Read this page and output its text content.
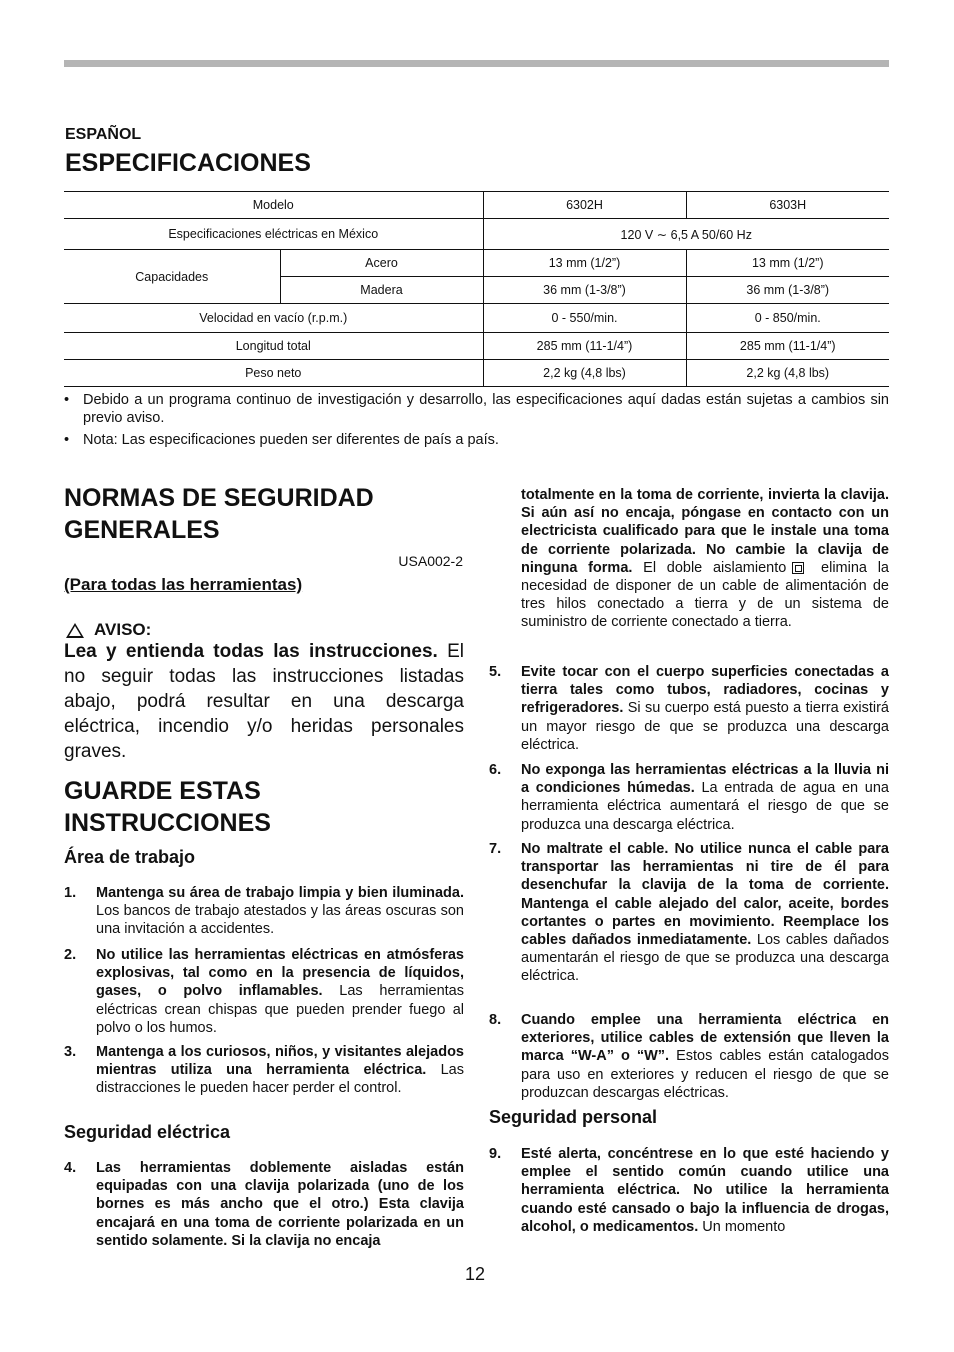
ESPAÑOL
ESPECIFICACIONES
Modelo		6302H	6303H
Especificaciones eléctricas en México		120 V ∼ 6,5 A 50/60 Hz	
Capacidades	Acero	13 mm (1/2”)	13 mm (1/2”)
	Madera	36 mm (1-3/8”)	36 mm (1-3/8”)
Velocidad en vacío (r.p.m.)		0 - 550/min.	0 - 850/min.
Longitud total		285 mm (11-1/4”)	285 mm (11-1/4”)
Peso neto		2,2 kg (4,8 lbs)	2,2 kg (4,8 lbs)
• Debido a un programa continuo de investigación y desarrollo, las especificaciones aquí dadas están sujetas a cambios sin previo aviso.
• Nota: Las especificaciones pueden ser diferentes de país a país.
NORMAS DE SEGURIDAD GENERALES
USA002-2
(Para todas las herramientas)
AVISO:
Lea y entienda todas las instrucciones. El no seguir todas las instrucciones listadas abajo, podrá resultar en una descarga eléctrica, incendio y/o heridas personales graves.
GUARDE ESTAS INSTRUCCIONES
Área de trabajo
1. Mantenga su área de trabajo limpia y bien iluminada. Los bancos de trabajo atestados y las áreas oscuras son una invitación a accidentes.
2. No utilice las herramientas eléctricas en atmósferas explosivas, tal como en la presencia de líquidos, gases, o polvo inflamables. Las herramientas eléctricas crean chispas que pueden prender fuego al polvo o los humos.
3. Mantenga a los curiosos, niños, y visitantes alejados mientras utiliza una herramienta eléctrica. Las distracciones le pueden hacer perder el control.
Seguridad eléctrica
4. Las herramientas doblemente aisladas están equipadas con una clavija polarizada (uno de los bornes es más ancho que el otro.) Esta clavija encajará en una toma de corriente polarizada en un sentido solamente. Si la clavija no encaja
totalmente en la toma de corriente, invierta la clavija. Si aún así no encaja, póngase en contacto con un electricista cualificado para que le instale una toma de corriente polarizada. No cambie la clavija de ninguna forma. El doble aislamiento elimina la necesidad de disponer de un cable de alimentación de tres hilos conectado a tierra y de un sistema de suministro de corriente conectado a tierra.
5. Evite tocar con el cuerpo superficies conectadas a tierra tales como tubos, radiadores, cocinas y refrigeradores. Si su cuerpo está puesto a tierra existirá un mayor riesgo de que se produzca una descarga eléctrica.
6. No exponga las herramientas eléctricas a la lluvia ni a condiciones húmedas. La entrada de agua en una herramienta eléctrica aumentará el riesgo de que se produzca una descarga eléctrica.
7. No maltrate el cable. No utilice nunca el cable para transportar las herramientas ni tire de él para desenchufar la clavija de la toma de corriente. Mantenga el cable alejado del calor, aceite, bordes cortantes o partes en movimiento. Reemplace los cables dañados inmediatamente. Los cables dañados aumentarán el riesgo de que se produzca una descarga eléctrica.
8. Cuando emplee una herramienta eléctrica en exteriores, utilice cables de extensión que lleven la marca “W-A” o “W”. Estos cables están catalogados para uso en exteriores y reducen el riesgo de que se produzcan descargas eléctricas.
Seguridad personal
9. Esté alerta, concéntrese en lo que esté haciendo y emplee el sentido común cuando utilice una herramienta eléctrica. No utilice la herramienta cuando esté cansado o bajo la influencia de drogas, alcohol, o medicamentos. Un momento
12
